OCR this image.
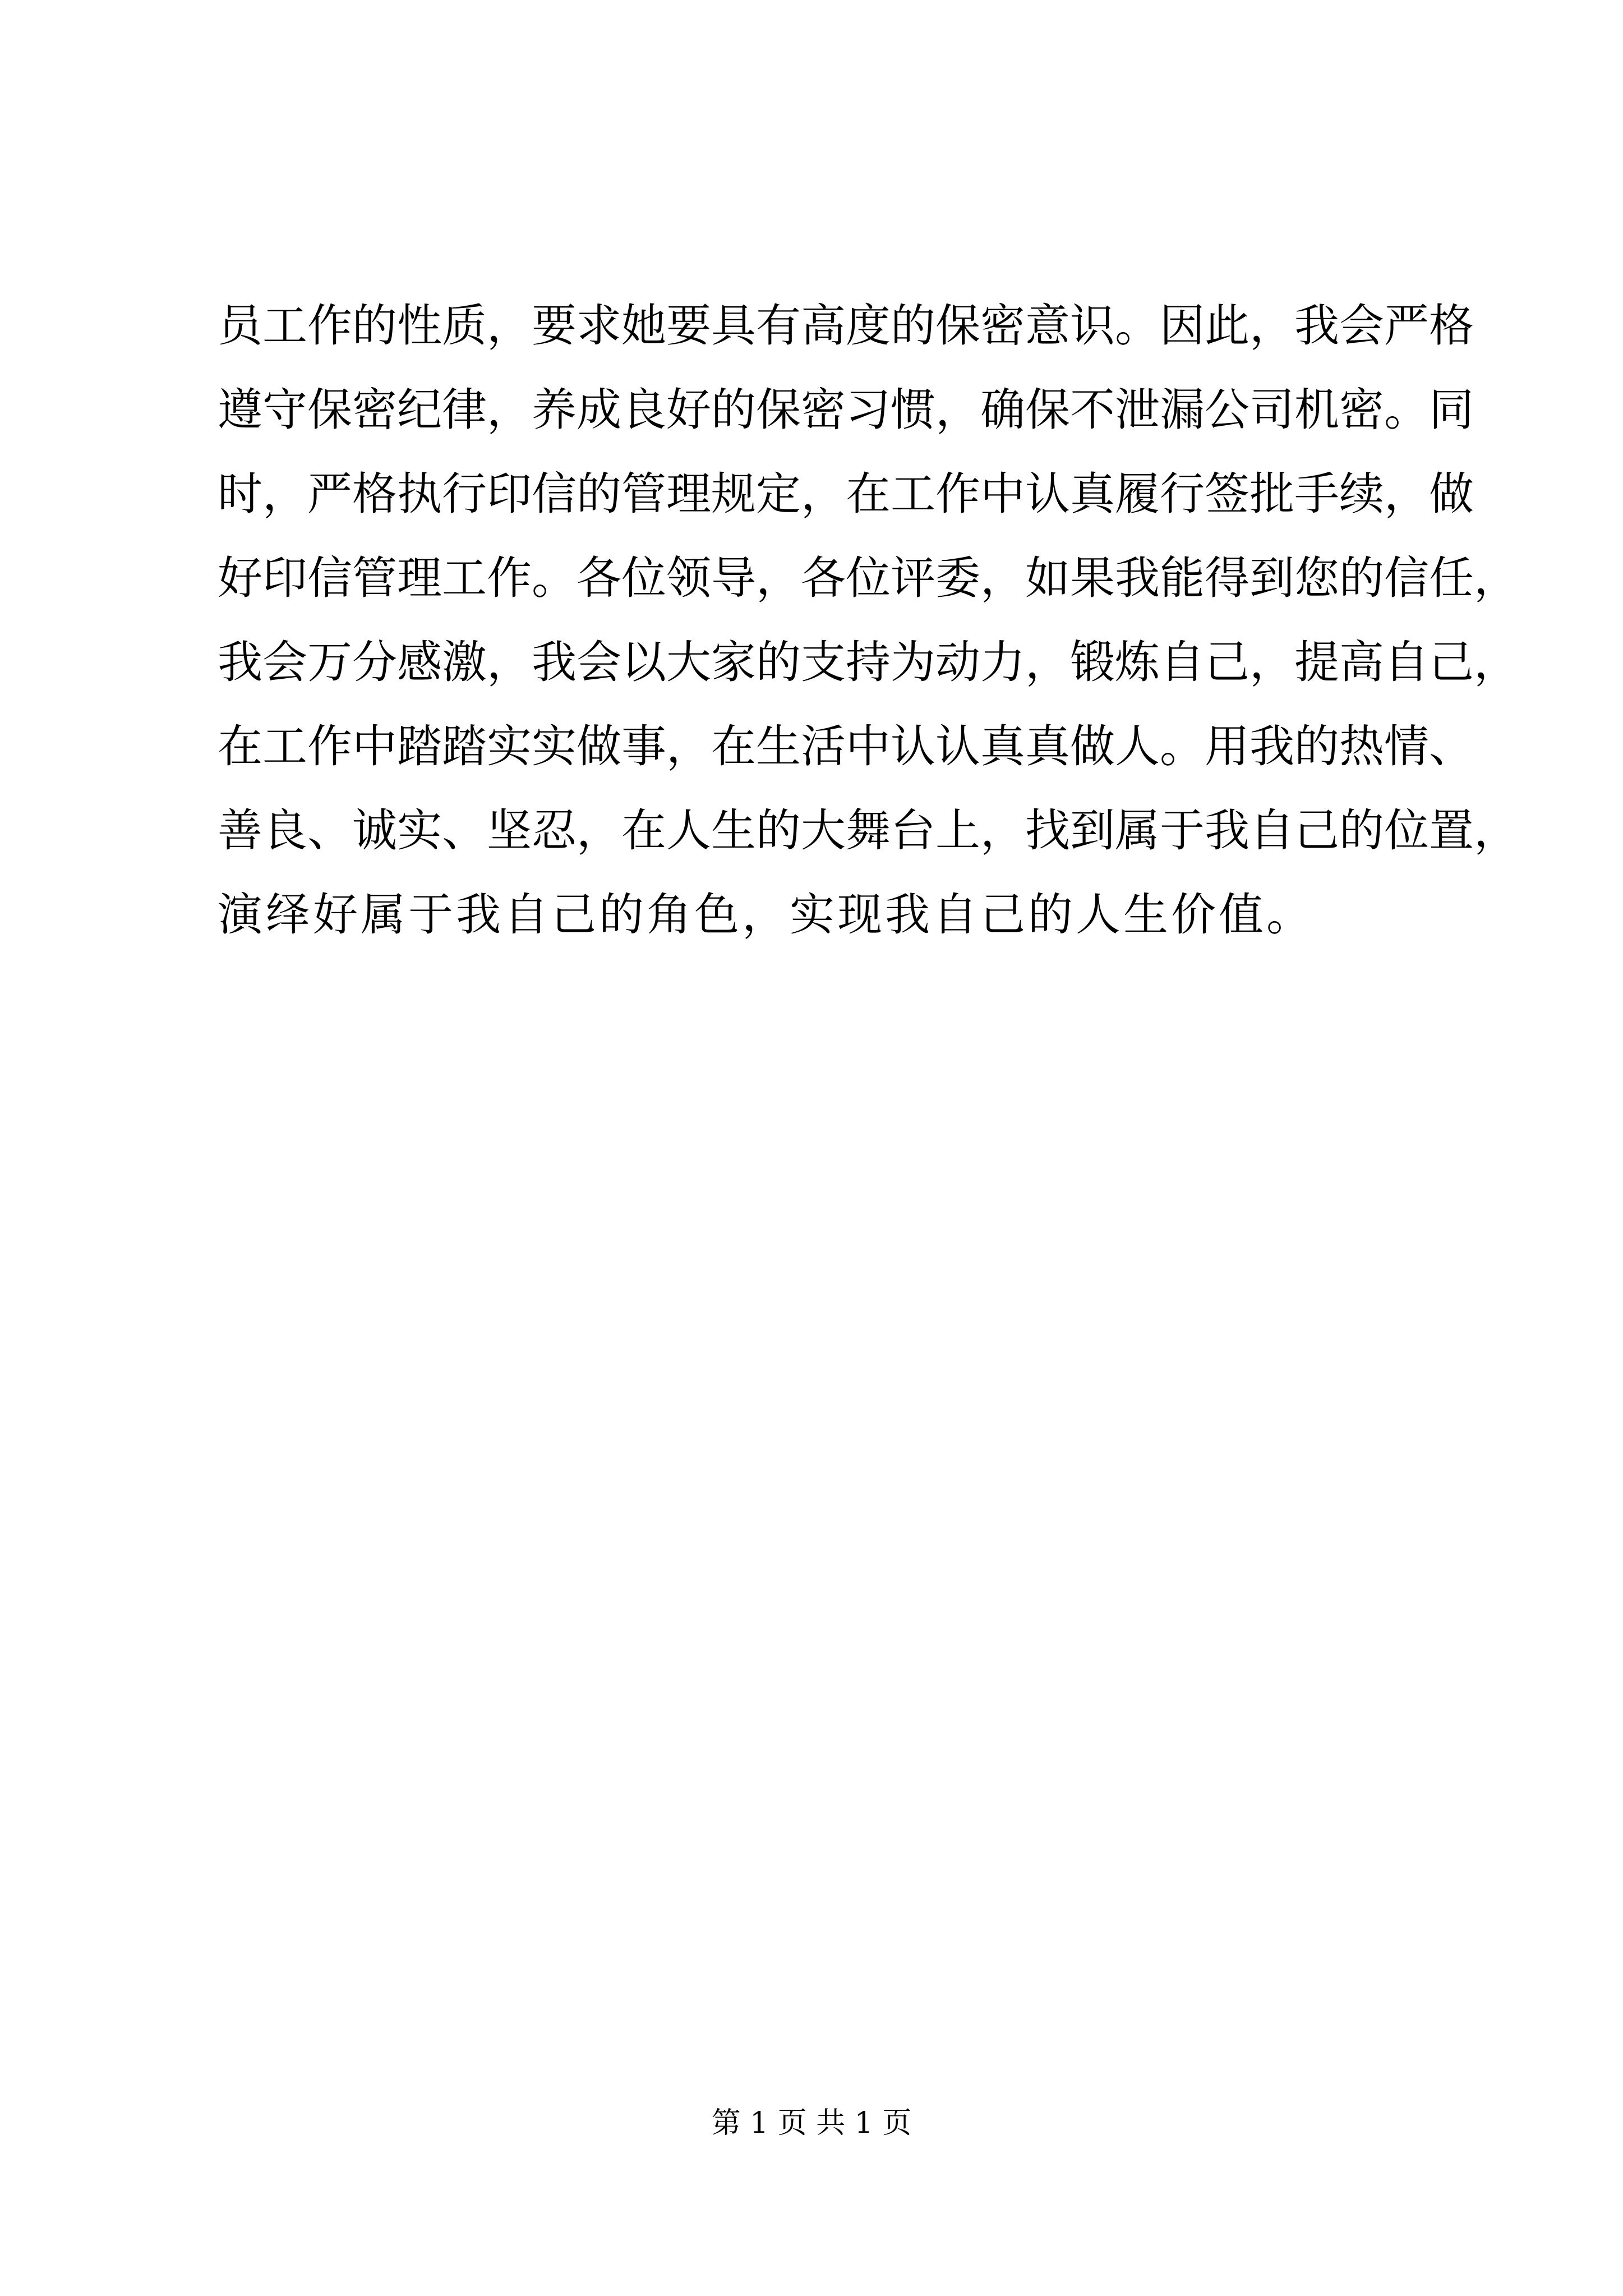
员工作的性质，要求她要具有高度的保密意识。因此，我会严格
遵守保密纪律，养成良好的保密习惯，确保不泄漏公司机密。同
时，严格执行印信的管理规定，在工作中认真履行签批手续，做
好印信管理工作。各位领导，各位评委，如果我能得到您的信任，
我会万分感激，我会以大家的支持为动力，锻炼自己，提高自己，
在工作中踏踏实实做事，在生活中认认真真做人。用我的热情、
善良、诚实、坚忍，在人生的大舞台上，找到属于我自己的位置，
演绎好属于我自己的角色，实现我自己的人生价值。
第 1 页 共 1 页
